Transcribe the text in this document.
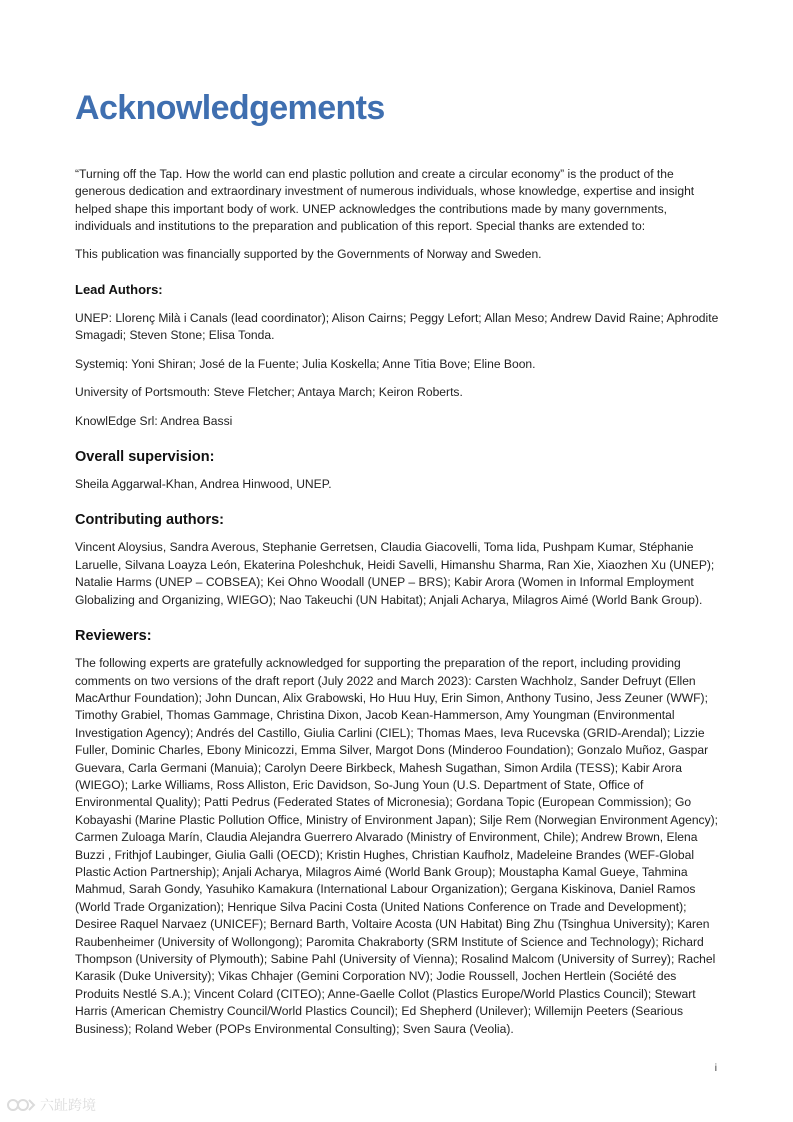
Acknowledgements

“Turning off the Tap. How the world can end plastic pollution and create a circular economy” is the product of the generous dedication and extraordinary investment of numerous individuals, whose knowledge, expertise and insight helped shape this important body of work. UNEP acknowledges the contributions made by many governments, individuals and institutions to the preparation and publication of this report. Special thanks are extended to:

This publication was financially supported by the Governments of Norway and Sweden.

Lead Authors:

UNEP: Llorenç Milà i Canals (lead coordinator); Alison Cairns; Peggy Lefort; Allan Meso; Andrew David Raine; Aphrodite Smagadi; Steven Stone; Elisa Tonda.

Systemiq: Yoni Shiran; José de la Fuente; Julia Koskella; Anne Titia Bove; Eline Boon.

University of Portsmouth: Steve Fletcher; Antaya March; Keiron Roberts.

KnowlEdge Srl: Andrea Bassi

Overall supervision:

Sheila Aggarwal-Khan, Andrea Hinwood, UNEP.

Contributing authors:

Vincent Aloysius, Sandra Averous, Stephanie Gerretsen, Claudia Giacovelli, Toma Iida, Pushpam Kumar, Stéphanie Laruelle, Silvana Loayza León, Ekaterina Poleshchuk, Heidi Savelli, Himanshu Sharma, Ran Xie, Xiaozhen Xu (UNEP); Natalie Harms (UNEP – COBSEA); Kei Ohno Woodall (UNEP – BRS); Kabir Arora (Women in Informal Employment Globalizing and Organizing, WIEGO); Nao Takeuchi (UN Habitat); Anjali Acharya, Milagros Aimé (World Bank Group).

Reviewers:

The following experts are gratefully acknowledged for supporting the preparation of the report, including providing comments on two versions of the draft report (July 2022 and March 2023): Carsten Wachholz, Sander Defruyt (Ellen MacArthur Foundation); John Duncan, Alix Grabowski, Ho Huu Huy, Erin Simon, Anthony Tusino, Jess Zeuner (WWF); Timothy Grabiel, Thomas Gammage, Christina Dixon, Jacob Kean-Hammerson, Amy Youngman (Environmental Investigation Agency); Andrés del Castillo, Giulia Carlini (CIEL); Thomas Maes, Ieva Rucevska (GRID-Arendal); Lizzie Fuller, Dominic Charles, Ebony Minicozzi, Emma Silver, Margot Dons (Minderoo Foundation); Gonzalo Muñoz, Gaspar Guevara, Carla Germani (Manuia); Carolyn Deere Birkbeck, Mahesh Sugathan, Simon Ardila (TESS); Kabir Arora (WIEGO); Larke Williams, Ross Alliston, Eric Davidson, So-Jung Youn (U.S. Department of State, Office of Environmental Quality); Patti Pedrus (Federated States of Micronesia); Gordana Topic (European Commission); Go Kobayashi (Marine Plastic Pollution Office, Ministry of Environment Japan); Silje Rem (Norwegian Environment Agency); Carmen Zuloaga Marín, Claudia Alejandra Guerrero Alvarado (Ministry of Environment, Chile); Andrew Brown, Elena Buzzi , Frithjof Laubinger, Giulia Galli (OECD); Kristin Hughes, Christian Kaufholz, Madeleine Brandes (WEF-Global Plastic Action Partnership); Anjali Acharya, Milagros Aimé (World Bank Group); Moustapha Kamal Gueye, Tahmina Mahmud, Sarah Gondy, Yasuhiko Kamakura (International Labour Organization); Gergana Kiskinova, Daniel Ramos (World Trade Organization); Henrique Silva Pacini Costa (United Nations Conference on Trade and Development); Desiree Raquel Narvaez (UNICEF); Bernard Barth, Voltaire Acosta (UN Habitat) Bing Zhu (Tsinghua University); Karen Raubenheimer (University of Wollongong); Paromita Chakraborty (SRM Institute of Science and Technology); Richard Thompson (University of Plymouth); Sabine Pahl (University of Vienna); Rosalind Malcom (University of Surrey); Rachel Karasik (Duke University); Vikas Chhajer (Gemini Corporation NV); Jodie Roussell, Jochen Hertlein (Société des Produits Nestlé S.A.); Vincent Colard (CITEO); Anne-Gaelle Collot (Plastics Europe/World Plastics Council); Stewart Harris (American Chemistry Council/World Plastics Council); Ed Shepherd (Unilever); Willemijn Peeters (Searious Business); Roland Weber (POPs Environmental Consulting); Sven Saura (Veolia).

i
六趾跨境
